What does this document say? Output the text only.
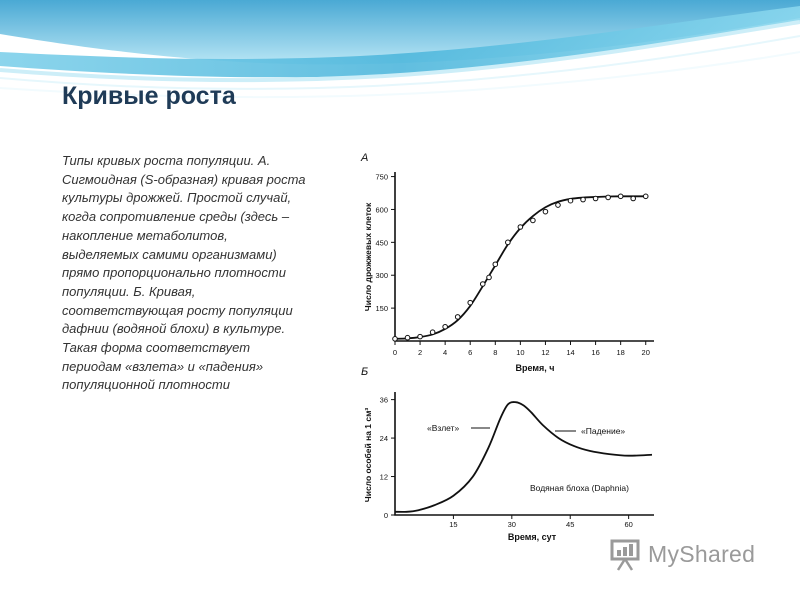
Кривые роста

Типы кривых роста популяции. А. Сигмоидная (S-образная) кривая роста культуры дрожжей. Простой случай, когда сопротивление среды (здесь – накопление метаболитов, выделяемых самими организмами) прямо пропорционально плотности популяции. Б. Кривая, соответствующая росту популяции дафнии (водяной блохи) в культуре. Такая форма соответствует периодам «взлета» и «падения» популяционной плотности

А
0	2	4	6	8	10 12 14 16 18 20
150
300
450
600
750
Время, ч
Число дрожжевых клеток
Б
15	30	45	60
0
12
24
36
Время, сут
Число особей на 1 см³	«Взлет»	«Падение»
Водяная блоха (Daphnia)
MyShared
